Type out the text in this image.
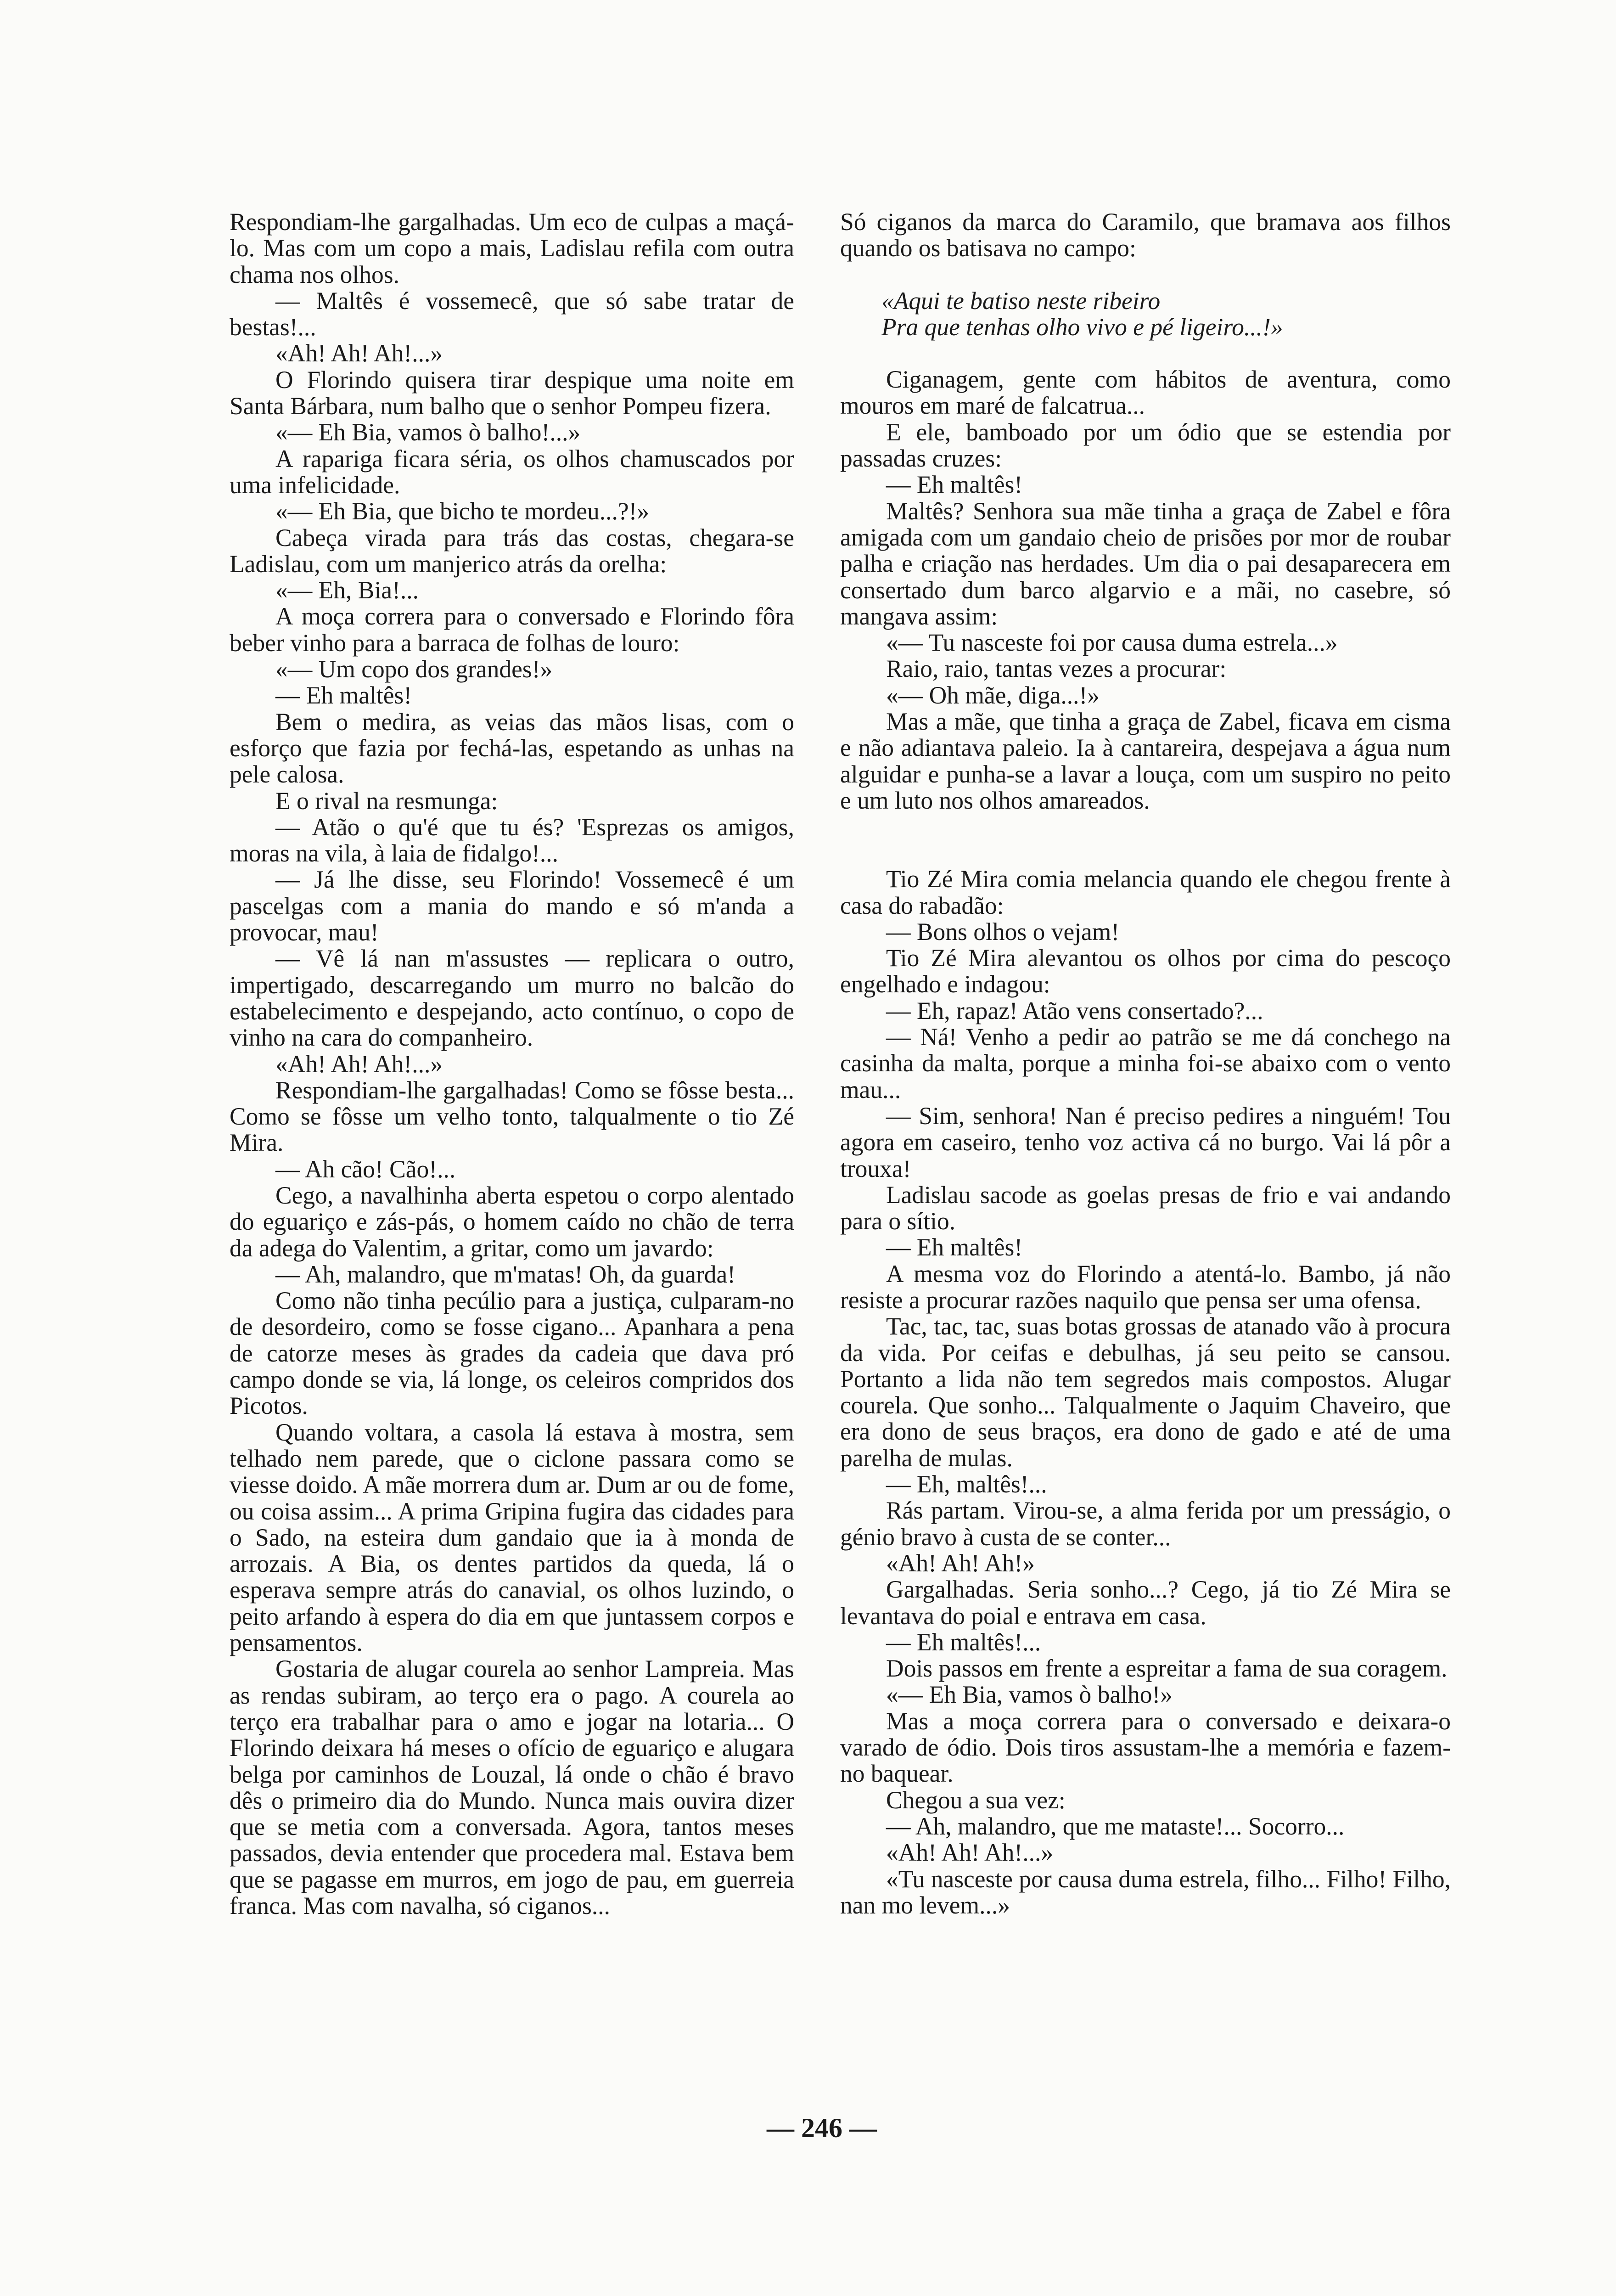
Respondiam-lhe gargalhadas. Um eco de culpas a maçá-lo. Mas com um copo a mais, Ladislau refila com outra chama nos olhos.

— Maltês é vossemecê, que só sabe tratar de bestas!...

«Ah! Ah! Ah!...»

O Florindo quisera tirar despique uma noite em Santa Bárbara, num balho que o senhor Pompeu fizera.

«— Eh Bia, vamos ò balho!...»

A rapariga ficara séria, os olhos chamuscados por uma infelicidade.

«— Eh Bia, que bicho te mordeu...?!»

Cabeça virada para trás das costas, chegara-se Ladislau, com um manjerico atrás da orelha:

«— Eh, Bia!...

A moça correra para o conversado e Florindo fôra beber vinho para a barraca de folhas de louro:

«— Um copo dos grandes!»

— Eh maltês!

Bem o medira, as veias das mãos lisas, com o esforço que fazia por fechá-las, espetando as unhas na pele calosa.

E o rival na resmunga:

— Atão o qu'é que tu és? 'Esprezas os amigos, moras na vila, à laia de fidalgo!...

— Já lhe disse, seu Florindo! Vossemecê é um pascelgas com a mania do mando e só m'anda a provocar, mau!

— Vê lá nan m'assustes — replicara o outro, impertigado, descarregando um murro no balcão do estabelecimento e despejando, acto contínuo, o copo de vinho na cara do companheiro.

«Ah! Ah! Ah!...»

Respondiam-lhe gargalhadas! Como se fôsse besta... Como se fôsse um velho tonto, talqualmente o tio Zé Mira.

— Ah cão! Cão!...

Cego, a navalhinha aberta espetou o corpo alentado do eguariço e zás-pás, o homem caído no chão de terra da adega do Valentim, a gritar, como um javardo:

— Ah, malandro, que m'matas! Oh, da guarda!

Como não tinha pecúlio para a justiça, culparam-no de desordeiro, como se fosse cigano... Apanhara a pena de catorze meses às grades da cadeia que dava pró campo donde se via, lá longe, os celeiros compridos dos Picotos.

Quando voltara, a casola lá estava à mostra, sem telhado nem parede, que o ciclone passara como se viesse doido. A mãe morrera dum ar. Dum ar ou de fome, ou coisa assim... A prima Gripina fugira das cidades para o Sado, na esteira dum gandaio que ia à monda de arrozais. A Bia, os dentes partidos da queda, lá o esperava sempre atrás do canavial, os olhos luzindo, o peito arfando à espera do dia em que juntassem corpos e pensamentos.

Gostaria de alugar courela ao senhor Lampreia. Mas as rendas subiram, ao terço era o pago. A courela ao terço era trabalhar para o amo e jogar na lotaria... O Florindo deixara há meses o ofício de eguariço e alugara belga por caminhos de Louzal, lá onde o chão é bravo dês o primeiro dia do Mundo. Nunca mais ouvira dizer que se metia com a conversada. Agora, tantos meses passados, devia entender que procedera mal. Estava bem que se pagasse em murros, em jogo de pau, em guerreia franca. Mas com navalha, só ciganos...

Só ciganos da marca do Caramilo, que bramava aos filhos quando os batisava no campo:

«Aqui te batiso neste ribeiro

Pra que tenhas olho vivo e pé ligeiro...!»

Ciganagem, gente com hábitos de aventura, como mouros em maré de falcatrua...

E ele, bamboado por um ódio que se estendia por passadas cruzes:

— Eh maltês!

Maltês? Senhora sua mãe tinha a graça de Zabel e fôra amigada com um gandaio cheio de prisões por mor de roubar palha e criação nas herdades. Um dia o pai desaparecera em consertado dum barco algarvio e a mãi, no casebre, só mangava assim:

«— Tu nasceste foi por causa duma estrela...»

Raio, raio, tantas vezes a procurar:

«— Oh mãe, diga...!»

Mas a mãe, que tinha a graça de Zabel, ficava em cisma e não adiantava paleio. Ia à cantareira, despejava a água num alguidar e punha-se a lavar a louça, com um suspiro no peito e um luto nos olhos amareados.

Tio Zé Mira comia melancia quando ele chegou frente à casa do rabadão:

— Bons olhos o vejam!

Tio Zé Mira alevantou os olhos por cima do pescoço engelhado e indagou:

— Eh, rapaz! Atão vens consertado?...

— Ná! Venho a pedir ao patrão se me dá conchego na casinha da malta, porque a minha foi-se abaixo com o vento mau...

— Sim, senhora! Nan é preciso pedires a ninguém! Tou agora em caseiro, tenho voz activa cá no burgo. Vai lá pôr a trouxa!

Ladislau sacode as goelas presas de frio e vai andando para o sítio.

— Eh maltês!

A mesma voz do Florindo a atentá-lo. Bambo, já não resiste a procurar razões naquilo que pensa ser uma ofensa.

Tac, tac, tac, suas botas grossas de atanado vão à procura da vida. Por ceifas e debulhas, já seu peito se cansou. Portanto a lida não tem segredos mais compostos. Alugar courela. Que sonho... Talqualmente o Jaquim Chaveiro, que era dono de seus braços, era dono de gado e até de uma parelha de mulas.

— Eh, maltês!...

Rás partam. Virou-se, a alma ferida por um presságio, o génio bravo à custa de se conter...

«Ah! Ah! Ah!»

Gargalhadas. Seria sonho...? Cego, já tio Zé Mira se levantava do poial e entrava em casa.

— Eh maltês!...

Dois passos em frente a espreitar a fama de sua coragem.

«— Eh Bia, vamos ò balho!»

Mas a moça correra para o conversado e deixara-o varado de ódio. Dois tiros assustam-lhe a memória e fazem-no baquear.

Chegou a sua vez:

— Ah, malandro, que me mataste!... Socorro...

«Ah! Ah! Ah!...»

«Tu nasceste por causa duma estrela, filho... Filho! Filho, nan mo levem...»

— 246 —
